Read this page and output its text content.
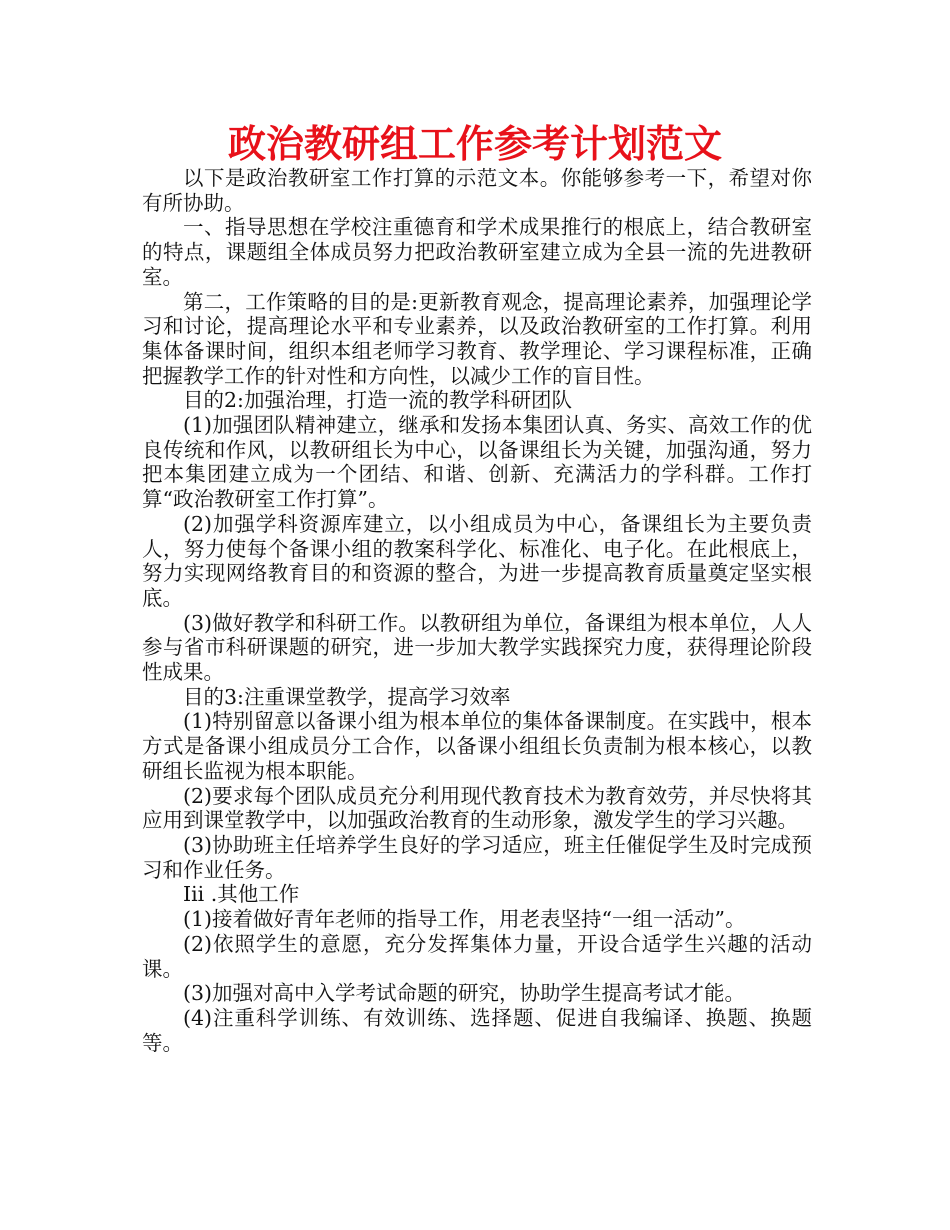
政治教研组工作参考计划范文

以下是政治教研室工作打算的示范文本。你能够参考一下，希望对你有所协助。

一、指导思想在学校注重德育和学术成果推行的根底上，结合教研室的特点，课题组全体成员努力把政治教研室建立成为全县一流的先进教研室。

第二，工作策略的目的是:更新教育观念，提高理论素养，加强理论学习和讨论，提高理论水平和专业素养，以及政治教研室的工作打算。利用集体备课时间，组织本组老师学习教育、教学理论、学习课程标准，正确把握教学工作的针对性和方向性，以减少工作的盲目性。

目的2:加强治理，打造一流的教学科研团队

(1)加强团队精神建立，继承和发扬本集团认真、务实、高效工作的优良传统和作风，以教研组长为中心，以备课组长为关键，加强沟通，努力把本集团建立成为一个团结、和谐、创新、充满活力的学科群。工作打算“政治教研室工作打算”。

(2)加强学科资源库建立，以小组成员为中心，备课组长为主要负责人，努力使每个备课小组的教案科学化、标准化、电子化。在此根底上，努力实现网络教育目的和资源的整合，为进一步提高教育质量奠定坚实根底。

(3)做好教学和科研工作。以教研组为单位，备课组为根本单位，人人参与省市科研课题的研究，进一步加大教学实践探究力度，获得理论阶段性成果。

目的3:注重课堂教学，提高学习效率

(1)特别留意以备课小组为根本单位的集体备课制度。在实践中，根本方式是备课小组成员分工合作，以备课小组组长负责制为根本核心，以教研组长监视为根本职能。

(2)要求每个团队成员充分利用现代教育技术为教育效劳，并尽快将其应用到课堂教学中，以加强政治教育的生动形象，激发学生的学习兴趣。

(3)协助班主任培养学生良好的学习适应，班主任催促学生及时完成预习和作业任务。

Iii .其他工作

(1)接着做好青年老师的指导工作，用老表坚持“一组一活动”。

(2)依照学生的意愿，充分发挥集体力量，开设合适学生兴趣的活动课。

(3)加强对高中入学考试命题的研究，协助学生提高考试才能。

(4)注重科学训练、有效训练、选择题、促进自我编译、换题、换题等。
